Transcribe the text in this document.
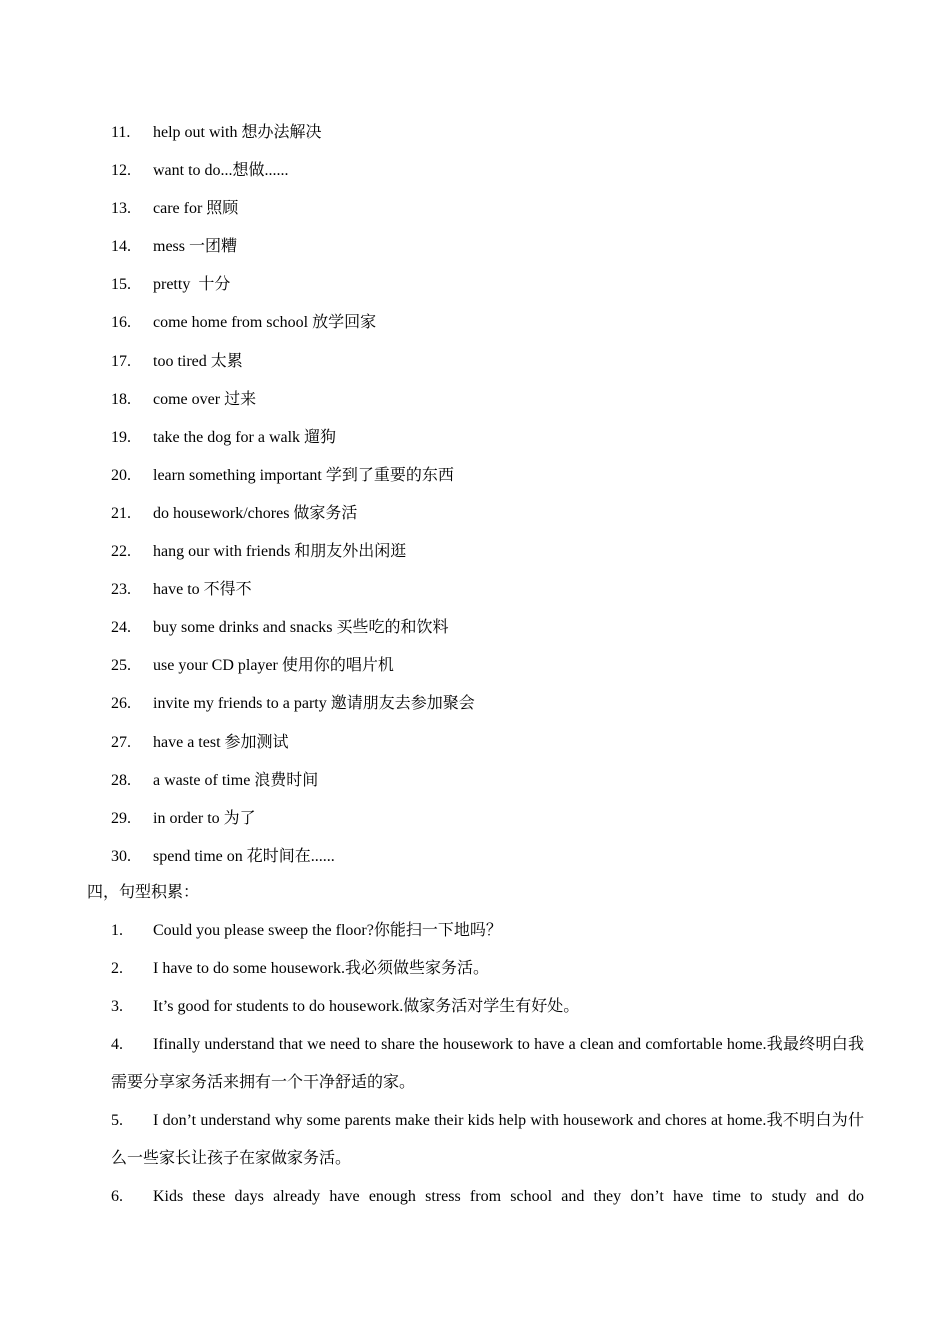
11. help out with 想办法解决
12. want to do...想做......
13. care for 照顾
14. mess 一团糟
15. pretty  十分
16. come home from school 放学回家
17. too tired 太累
18. come over 过来
19. take the dog for a walk 遛狗
20. learn something important 学到了重要的东西
21. do housework/chores 做家务活
22. hang our with friends 和朋友外出闲逛
23. have to 不得不
24. buy some drinks and snacks 买些吃的和饮料
25. use your CD player 使用你的唱片机
26. invite my friends to a party 邀请朋友去参加聚会
27. have a test 参加测试
28. a waste of time 浪费时间
29. in order to 为了
30. spend time on 花时间在......
四，句型积累：
1.	Could you please sweep the floor?你能扫一下地吗？
2.	I have to do some housework.我必须做些家务活。
3.	It’s good for students to do housework.做家务活对学生有好处。
4.	Ifinally understand that we need to share the housework to have a clean and comfortable home.我最终明白我需要分享家务活来拥有一个干净舒适的家。
5.	I don’t understand why some parents make their kids help with housework and chores at home.我不明白为什么一些家长让孩子在家做家务活。
6.	Kids these days already have enough stress from school and they don’t have time to study and do
